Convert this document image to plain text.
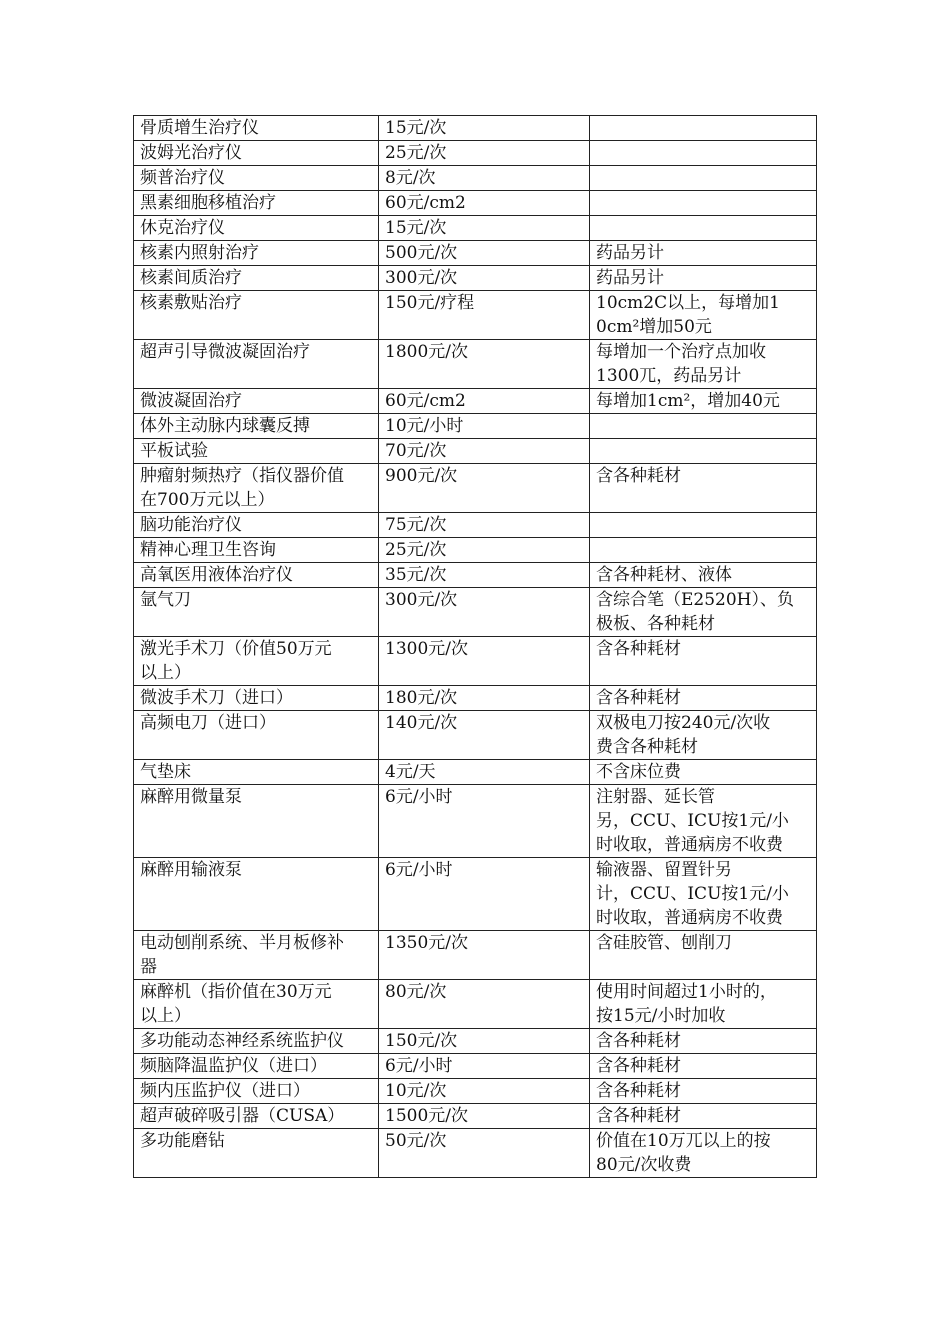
骨质增生治疗仪	15元/次	
波姆光治疗仪	25元/次	
频普治疗仪	8元/次	
黑素细胞移植治疗	60元/cm2	
休克治疗仪	15元/次	
核素内照射治疗	500元/次	药品另计
核素间质治疗	300元/次	药品另计
核素敷贴治疗	150元/疗程	10cm2C以上，每增加1
0cm²增加50元
超声引导微波凝固治疗	1800元/次	每增加一个治疗点加收
1300兀，药品另计
微波凝固治疗	60元/cm2	每增加1cm²，增加40元
体外主动脉内球囊反搏	10元/小时	
平板试验	70元/次	
肿瘤射频热疗（指仪器价值
在700万元以上）	900元/次	含各种耗材
脑功能治疗仪	75元/次	
精神心理卫生咨询	25元/次	
高氧医用液体治疗仪	35元/次	含各种耗材、液体
氩气刀	300元/次	含综合笔（E2520H）、负
极板、各种耗材
激光手术刀（价值50万元
以上）	1300元/次	含各种耗材
微波手术刀（进口）	180元/次	含各种耗材
高频电刀（进口）	140元/次	双极电刀按240元/次收
费含各种耗材
气垫床	4元/天	不含床位费
麻醉用微量泵	6元/小时	注射器、延长管
另，CCU、ICU按1元/小
时收取，普通病房不收费
麻醉用输液泵	6元/小时	输液器、留置针另
计，CCU、ICU按1元/小
时收取，普通病房不收费
电动刨削系统、半月板修补
器	1350元/次	含硅胶管、刨削刀
麻醉机（指价值在30万元
以上）	80元/次	使用时间超过1小时的，
按15元/小时加收
多功能动态神经系统监护仪	150元/次	含各种耗材
频脑降温监护仪（进口）	6元/小时	含各种耗材
频内压监护仪（进口）	10元/次	含各种耗材
超声破碎吸引器（CUSA）	1500元/次	含各种耗材
多功能磨钻	50元/次	价值在10万兀以上的按
80元/次收费
